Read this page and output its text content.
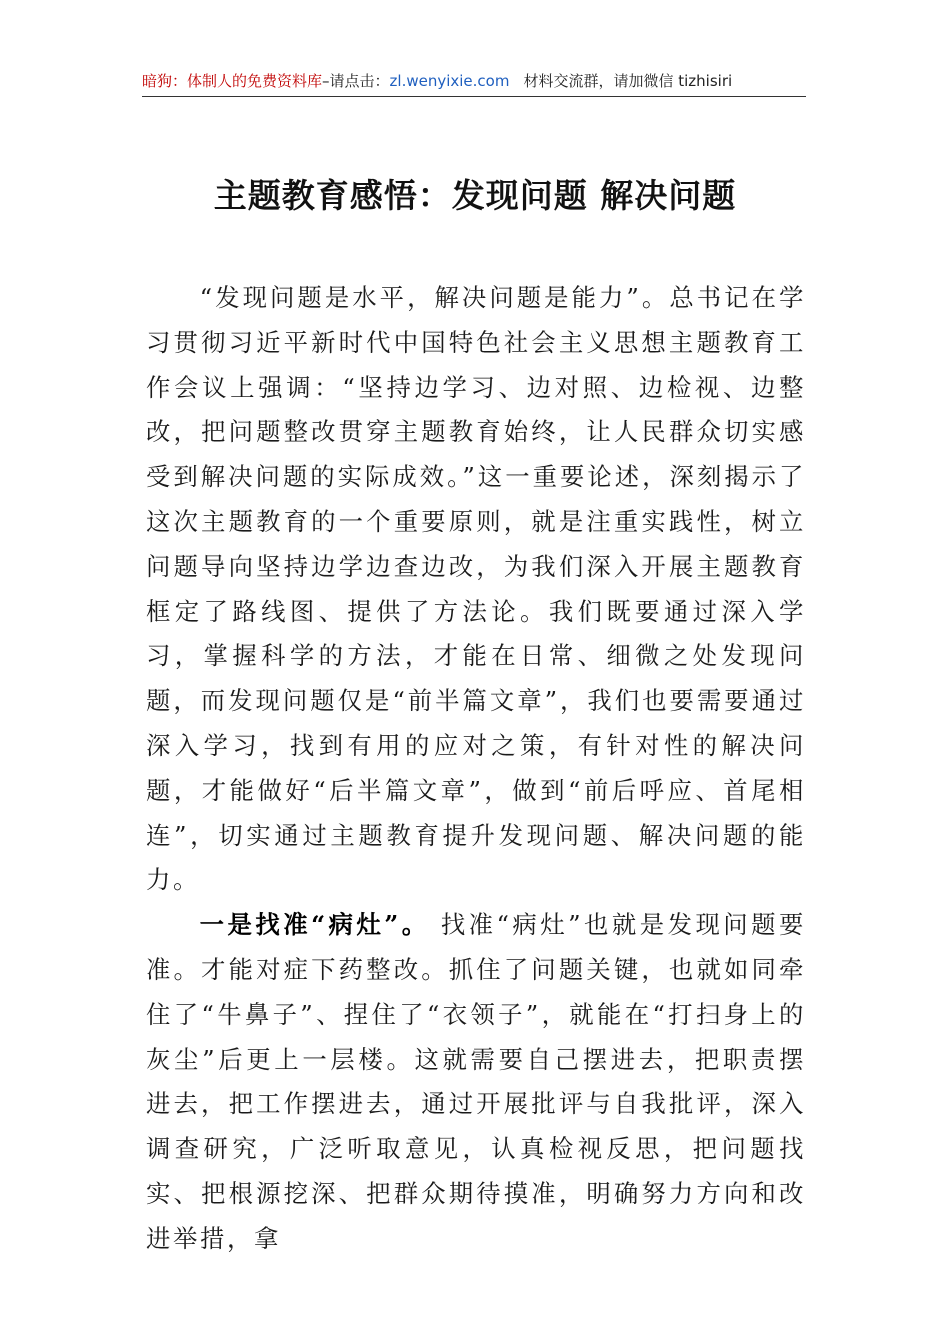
暗狗：体制人的免费资料库–请点击：zl.wenyixie.com 材料交流群，请加微信 tizhisiri
主题教育感悟：发现问题 解决问题

“发现问题是水平，解决问题是能力”。总书记在学习贯彻习近平新时代中国特色社会主义思想主题教育工作会议上强调：“坚持边学习、边对照、边检视、边整改，把问题整改贯穿主题教育始终，让人民群众切实感受到解决问题的实际成效。”这一重要论述，深刻揭示了这次主题教育的一个重要原则，就是注重实践性，树立问题导向坚持边学边查边改，为我们深入开展主题教育框定了路线图、提供了方法论。我们既要通过深入学习，掌握科学的方法，才能在日常、细微之处发现问题，而发现问题仅是“前半篇文章”，我们也要需要通过深入学习，找到有用的应对之策，有针对性的解决问题，才能做好“后半篇文章”，做到“前后呼应、首尾相连”，切实通过主题教育提升发现问题、解决问题的能力。

一是找准“病灶”。 找准“病灶”也就是发现问题要准。才能对症下药整改。抓住了问题关键，也就如同牵住了“牛鼻子”、捏住了“衣领子”，就能在“打扫身上的灰尘”后更上一层楼。这就需要自己摆进去，把职责摆进去，把工作摆进去，通过开展批评与自我批评，深入调查研究，广泛听取意见，认真检视反思，把问题找实、把根源挖深、把群众期待摸准，明确努力方向和改进举措，拿
